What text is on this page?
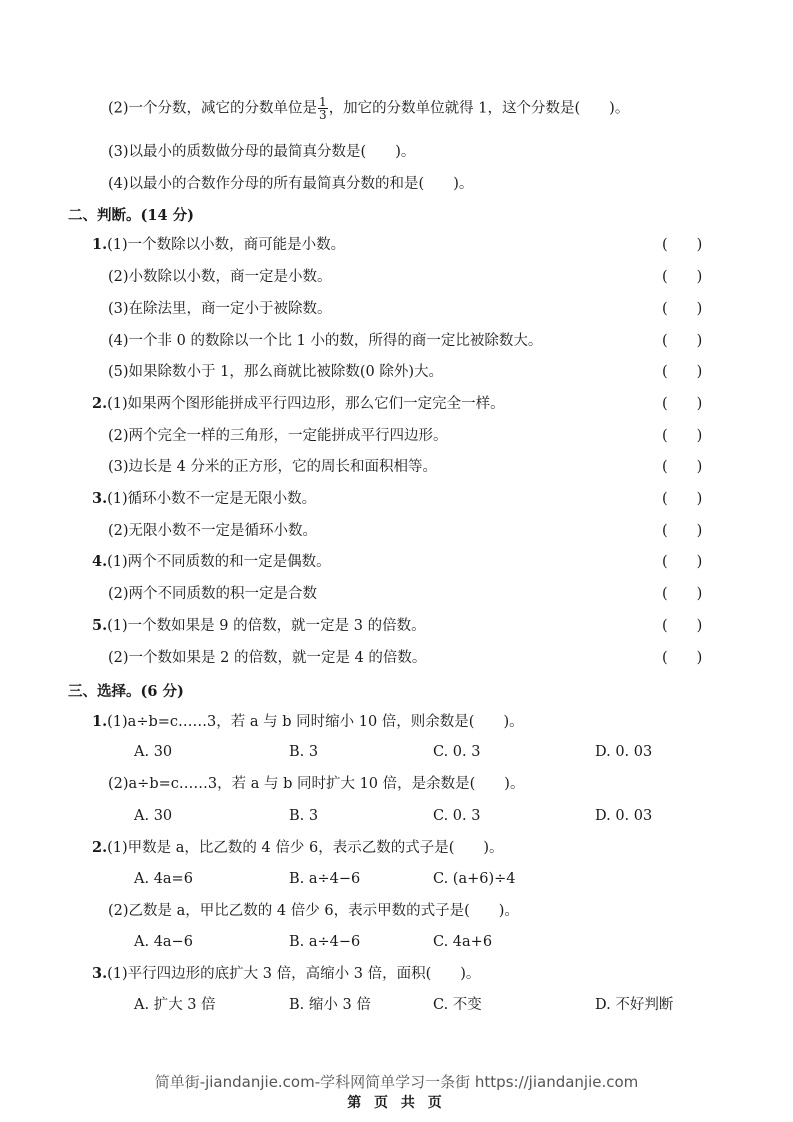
(2)一个分数，减它的分数单位是 $\frac{1}{3}$ ，加它的分数单位就得 1，这个分数是(　　)。
(3)以最小的质数做分母的最简真分数是(　　)。
(4)以最小的合数作分母的所有最简真分数的和是(　　)。
二、判断。(14 分)
1.(1)一个数除以小数，商可能是小数。	(　　)
(2)小数除以小数，商一定是小数。	(　　)
(3)在除法里，商一定小于被除数。	(　　)
(4)一个非 0 的数除以一个比 1 小的数，所得的商一定比被除数大。	(　　)
(5)如果除数小于 1，那么商就比被除数(0 除外)大。	(　　)
2.(1)如果两个图形能拼成平行四边形，那么它们一定完全一样。	(　　)
(2)两个完全一样的三角形，一定能拼成平行四边形。	(　　)
(3)边长是 4 分米的正方形，它的周长和面积相等。	(　　)
3.(1)循环小数不一定是无限小数。	(　　)
(2)无限小数不一定是循环小数。	(　　)
4.(1)两个不同质数的和一定是偶数。	(　　)
(2)两个不同质数的积一定是合数	(　　)
5.(1)一个数如果是 9 的倍数，就一定是 3 的倍数。	(　　)
(2)一个数如果是 2 的倍数，就一定是 4 的倍数。	(　　)
三、选择。(6 分)
1.(1)a÷b=c……3，若 a 与 b 同时缩小 10 倍，则余数是(　　)。
A. 30	B. 3	C. 0. 3	D. 0. 03
(2)a÷b=c……3，若 a 与 b 同时扩大 10 倍，是余数是(　　)。
A. 30	B. 3	C. 0. 3	D. 0. 03
2.(1)甲数是 a，比乙数的 4 倍少 6，表示乙数的式子是(　　)。
A. 4a=6	B. a÷4−6	C. (a+6)÷4
(2)乙数是 a，甲比乙数的 4 倍少 6，表示甲数的式子是(　　)。
A. 4a−6	B. a÷4−6	C. 4a+6
3.(1)平行四边形的底扩大 3 倍，高缩小 3 倍，面积(　　)。
A. 扩大 3 倍	B. 缩小 3 倍	C. 不变	D. 不好判断
简单街-jiandanjie.com-学科网简单学习一条街 https://jiandanjie.com
第 页 共 页
